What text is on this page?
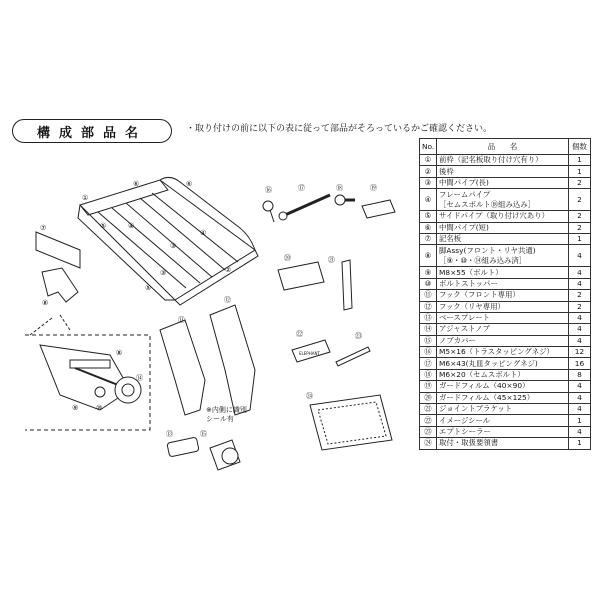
構成部品名	・取り付けの前に以下の表に従って部品がそろっているかご確認ください。
①
②
③
③
④
④
⑤
⑤
⑥	⑥
⑦
⑧
⑧
⑨	⑩
⑪
⑫
⑬
⑭
⑮
⑯	⑰	⑱	⑲
⑳	㉑
㉒	㉓
㉔
ELEPHANT
※内側に識別
シール有
No.	品　　名	個数
①	前枠（記名板取り付け穴有り）	1
②	後枠	1
③	中間パイプ(長)	2
④	フレームパイプ
［セムスボルト⑱組み込み］	2
⑤	サイドパイプ（取り付け穴あり）	2
⑥	中間パイプ(短)	2
⑦	記名板	1
⑧	脚Assy(フロント・リヤ共通)
［⑨・⑩・⑭組み込み済］	4
⑨	M8×55（ボルト）	4
⑩	ボルトストッパー	4
⑪	フック（フロント専用）	2
⑫	フック（リヤ専用）	2
⑬	ベースプレート	4
⑭	アジャストノブ	4
⑮	ノブカバー	4
⑯	M5×16（トラスタッピングネジ）	12
⑰	M6×43(丸皿タッピングネジ)	16
⑱	M6×20（セムスボルト）	8
⑲	ガードフィルム（40×90）	4
⑳	ガードフィルム（45×125）	4
㉑	ジョイントブラケット	4
㉒	イメージシール	1
㉓	エプトシーラー	4
㉔	取付・取扱要領書	1
